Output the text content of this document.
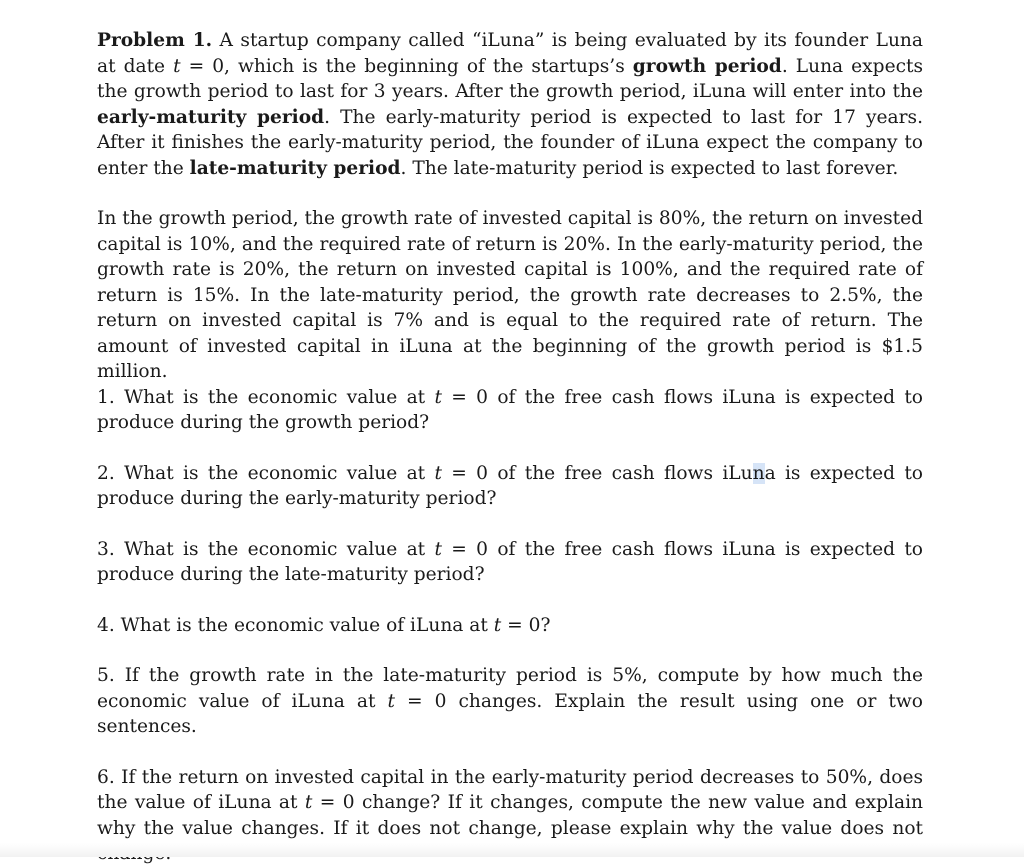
Problem 1. A startup company called “iLuna” is being evaluated by its founder Luna at date t = 0, which is the beginning of the startups’s growth period. Luna expects the growth period to last for 3 years. After the growth period, iLuna will enter into the early-maturity period. The early-maturity period is expected to last for 17 years. After it finishes the early-maturity period, the founder of iLuna expect the company to enter the late-maturity period. The late-maturity period is expected to last forever.

In the growth period, the growth rate of invested capital is 80%, the return on invested capital is 10%, and the required rate of return is 20%. In the early-maturity period, the growth rate is 20%, the return on invested capital is 100%, and the required rate of return is 15%. In the late-maturity period, the growth rate decreases to 2.5%, the return on invested capital is 7% and is equal to the required rate of return. The amount of invested capital in iLuna at the beginning of the growth period is $1.5 million.

1. What is the economic value at t = 0 of the free cash flows iLuna is expected to produce during the growth period?

2. What is the economic value at t = 0 of the free cash flows iLuna is expected to produce during the early-maturity period?

3. What is the economic value at t = 0 of the free cash flows iLuna is expected to produce during the late-maturity period?

4. What is the economic value of iLuna at t = 0?

5. If the growth rate in the late-maturity period is 5%, compute by how much the economic value of iLuna at t = 0 changes. Explain the result using one or two sentences.

6. If the return on invested capital in the early-maturity period decreases to 50%, does the value of iLuna at t = 0 change? If it changes, compute the new value and explain why the value changes. If it does not change, please explain why the value does not
